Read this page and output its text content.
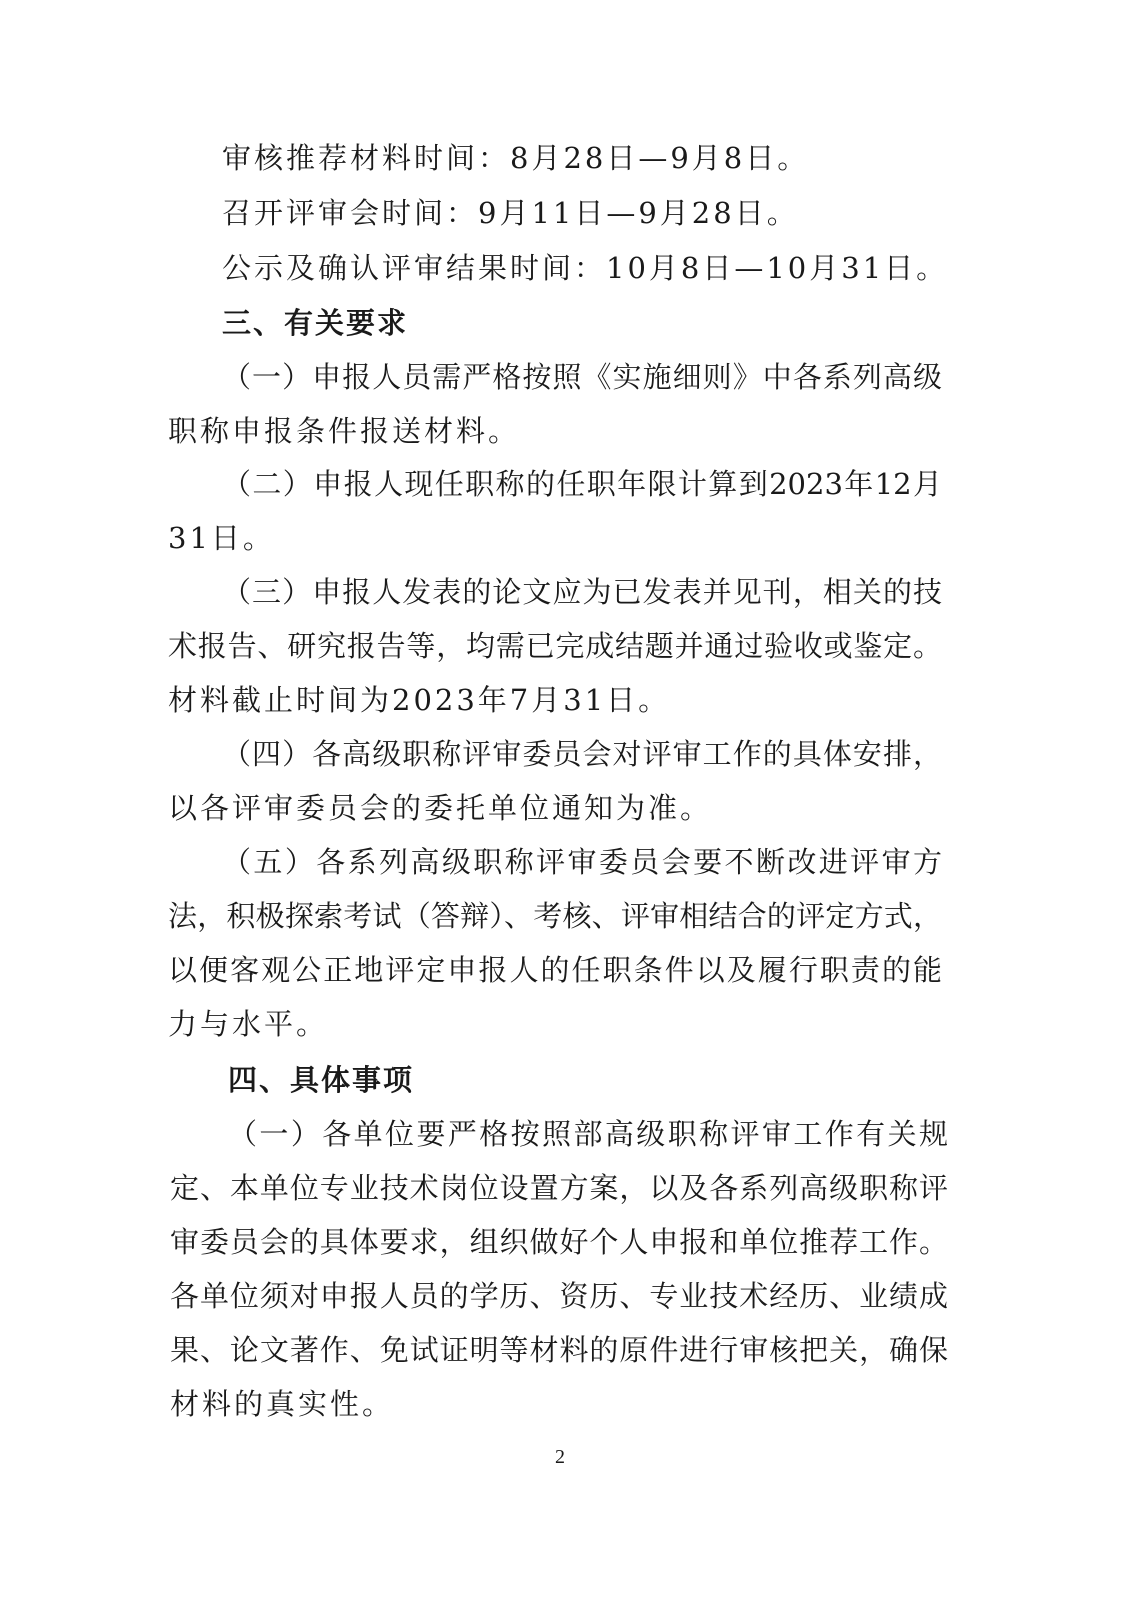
审核推荐材料时间：8月28日—9月8日。
召开评审会时间：9月11日—9月28日。
公示及确认评审结果时间：10月8日—10月31日。
三、有关要求
（一）申报人员需严格按照《实施细则》中各系列高级
职称申报条件报送材料。
（二）申报人现任职称的任职年限计算到2023年12月
31日。
（三）申报人发表的论文应为已发表并见刊，相关的技
术报告、研究报告等，均需已完成结题并通过验收或鉴定。
材料截止时间为2023年7月31日。
（四）各高级职称评审委员会对评审工作的具体安排，
以各评审委员会的委托单位通知为准。
（五）各系列高级职称评审委员会要不断改进评审方
法，积极探索考试（答辩）、考核、评审相结合的评定方式，
以便客观公正地评定申报人的任职条件以及履行职责的能
力与水平。
四、具体事项
（一）各单位要严格按照部高级职称评审工作有关规
定、本单位专业技术岗位设置方案，以及各系列高级职称评
审委员会的具体要求，组织做好个人申报和单位推荐工作。
各单位须对申报人员的学历、资历、专业技术经历、业绩成
果、论文著作、免试证明等材料的原件进行审核把关，确保
材料的真实性。
2
